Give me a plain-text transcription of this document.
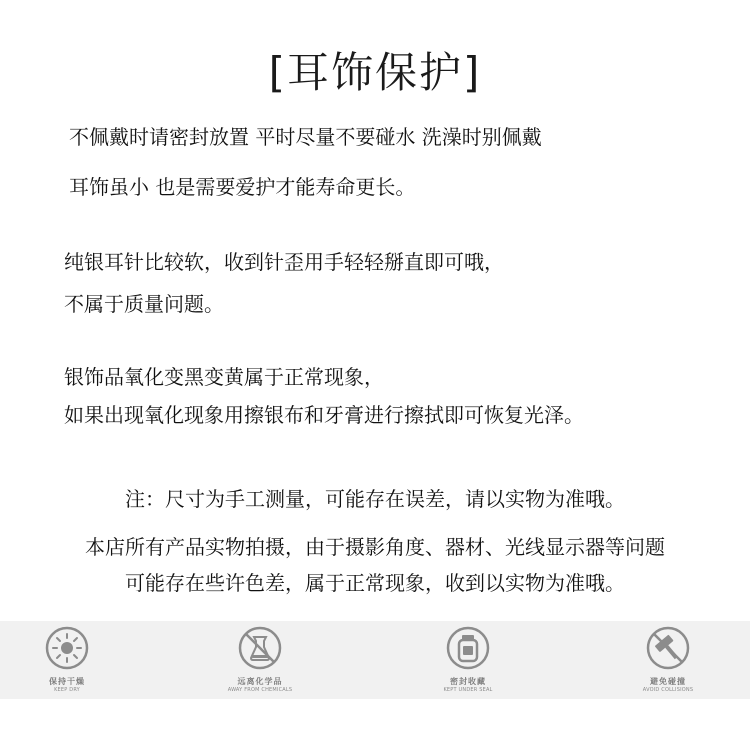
[耳饰保护]
不佩戴时请密封放置 平时尽量不要碰水 洗澡时别佩戴
耳饰虽小 也是需要爱护才能寿命更长。
纯银耳针比较软，收到针歪用手轻轻掰直即可哦，
不属于质量问题。
银饰品氧化变黑变黄属于正常现象，
如果出现氧化现象用擦银布和牙膏进行擦拭即可恢复光泽。
注：尺寸为手工测量，可能存在误差，请以实物为准哦。
本店所有产品实物拍摄，由于摄影角度、器材、光线显示器等问题
可能存在些许色差，属于正常现象，收到以实物为准哦。
保持干燥
KEEP DRY
远离化学品
AWAY FROM CHEMICALS
密封收藏
KEPT UNDER SEAL
避免碰撞
AVOID COLLISIONS
